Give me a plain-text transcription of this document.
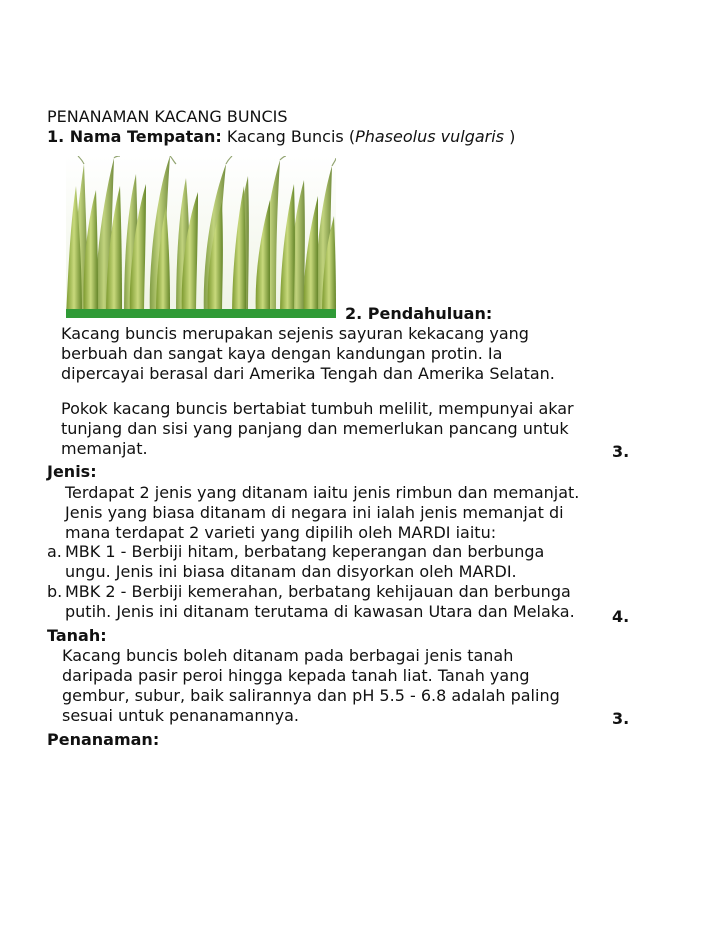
PENANAMAN KACANG BUNCIS
1. Nama Tempatan: Kacang Buncis (Phaseolus vulgaris )
2. Pendahuluan:
Kacang buncis merupakan sejenis sayuran kekacang yang
berbuah dan sangat kaya dengan kandungan protin. Ia
dipercayai berasal dari Amerika Tengah dan Amerika Selatan.
Pokok kacang buncis bertabiat tumbuh melilit, mempunyai akar
tunjang dan sisi yang panjang dan memerlukan pancang untuk
memanjat.	3.
Jenis:
Terdapat 2 jenis yang ditanam iaitu jenis rimbun dan memanjat.
Jenis yang biasa ditanam di negara ini ialah jenis memanjat di
mana terdapat 2 varieti yang dipilih oleh MARDI iaitu:
a. MBK 1 - Berbiji hitam, berbatang keperangan dan berbunga
ungu. Jenis ini biasa ditanam dan disyorkan oleh MARDI.
b. MBK 2 - Berbiji kemerahan, berbatang kehijauan dan berbunga
putih. Jenis ini ditanam terutama di kawasan Utara dan Melaka. 4.
Tanah:
Kacang buncis boleh ditanam pada berbagai jenis tanah
daripada pasir peroi hingga kepada tanah liat. Tanah yang
gembur, subur, baik salirannya dan pH 5.5 - 6.8 adalah paling
sesuai untuk penanamannya.	3.
Penanaman:
